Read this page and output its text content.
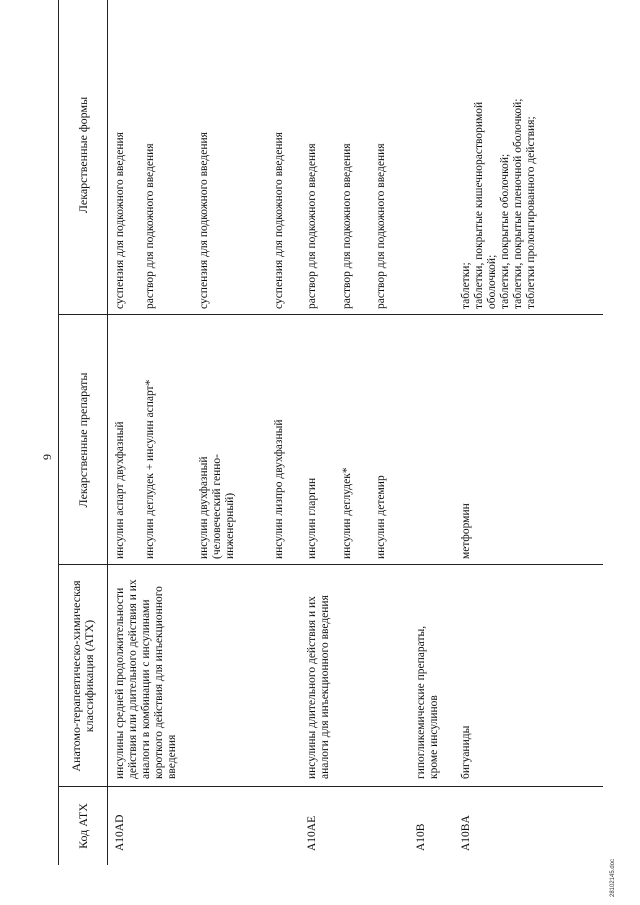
9
Код АТХ
Анатомо-терапевтическо-химическая классификация (АТХ)
Лекарственные препараты
Лекарственные формы
A10AD
инсулины средней продолжительности действия или длительного действия и их аналоги в комбинации с инсулинами короткого действия для инъекционного введения
инсулин аспарт двухфазный
суспензия для подкожного введения
инсулин деглудек + инсулин аспарт*
раствор для подкожного введения
инсулин двухфазный (человеческий генно-инженерный)
суспензия для подкожного введения
инсулин лизпро двухфазный
суспензия для подкожного введения
A10AE
инсулины длительного действия и их аналоги для инъекционного введения
инсулин гларгин
раствор для подкожного введения
инсулин деглудек*
раствор для подкожного введения
инсулин детемир
раствор для подкожного введения
A10B
гипогликемические препараты, кроме инсулинов
A10BA
бигуаниды
метформин
таблетки; таблетки, покрытые кишечнорастворимой оболочкой; таблетки, покрытые оболочкой; таблетки, покрытые пленочной оболочкой; таблетки пролонгированного действия;
28102145.doc
